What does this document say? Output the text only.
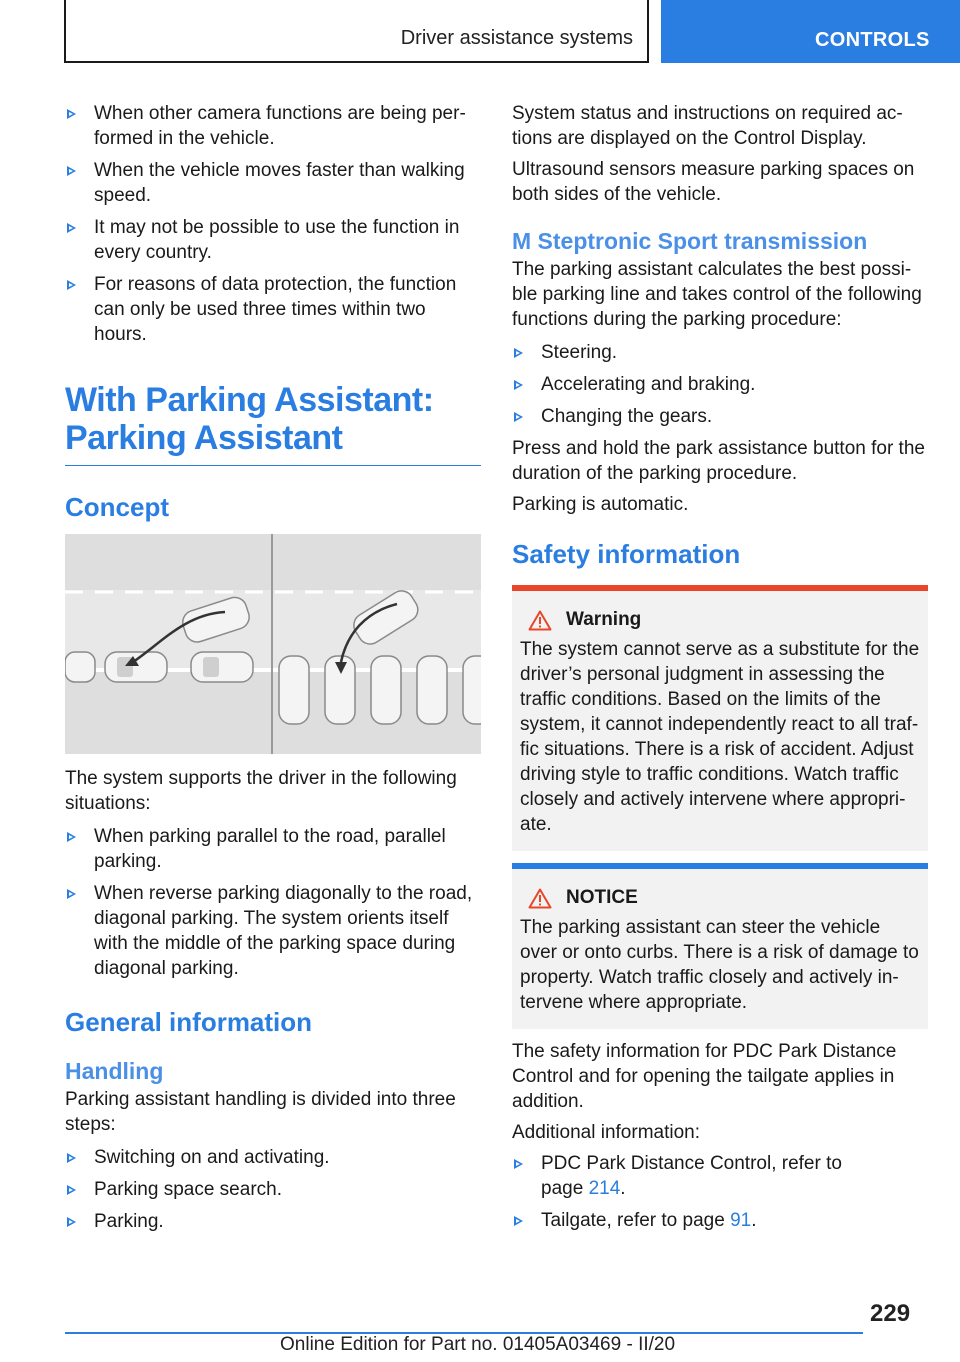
Driver assistance systems	CONTROLS
When other camera functions are being performed in the vehicle.
When the vehicle moves faster than walking speed.
It may not be possible to use the function in every country.
For reasons of data protection, the function can only be used three times within two hours.
With Parking Assistant:
Parking Assistant
Concept
The system supports the driver in the following situations:
When parking parallel to the road, parallel parking.
When reverse parking diagonally to the road, diagonal parking. The system orients itself with the middle of the parking space during diagonal parking.
General information
Handling
Parking assistant handling is divided into three steps:
Switching on and activating.
Parking space search.
Parking.
System status and instructions on required actions are displayed on the Control Display.
Ultrasound sensors measure parking spaces on both sides of the vehicle.
M Steptronic Sport transmission
The parking assistant calculates the best possible parking line and takes control of the following functions during the parking procedure:
Steering.
Accelerating and braking.
Changing the gears.
Press and hold the park assistance button for the duration of the parking procedure.
Parking is automatic.
Safety information
Warning
The system cannot serve as a substitute for the driver’s personal judgment in assessing the traffic conditions. Based on the limits of the system, it cannot independently react to all traffic situations. There is a risk of accident. Adjust driving style to traffic conditions. Watch traffic closely and actively intervene where appropriate.
NOTICE
The parking assistant can steer the vehicle over or onto curbs. There is a risk of damage to property. Watch traffic closely and actively intervene where appropriate.
The safety information for PDC Park Distance Control and for opening the tailgate applies in addition.
Additional information:
PDC Park Distance Control, refer to
page 214.
Tailgate, refer to page 91.
229
Online Edition for Part no. 01405A03469 - II/20
